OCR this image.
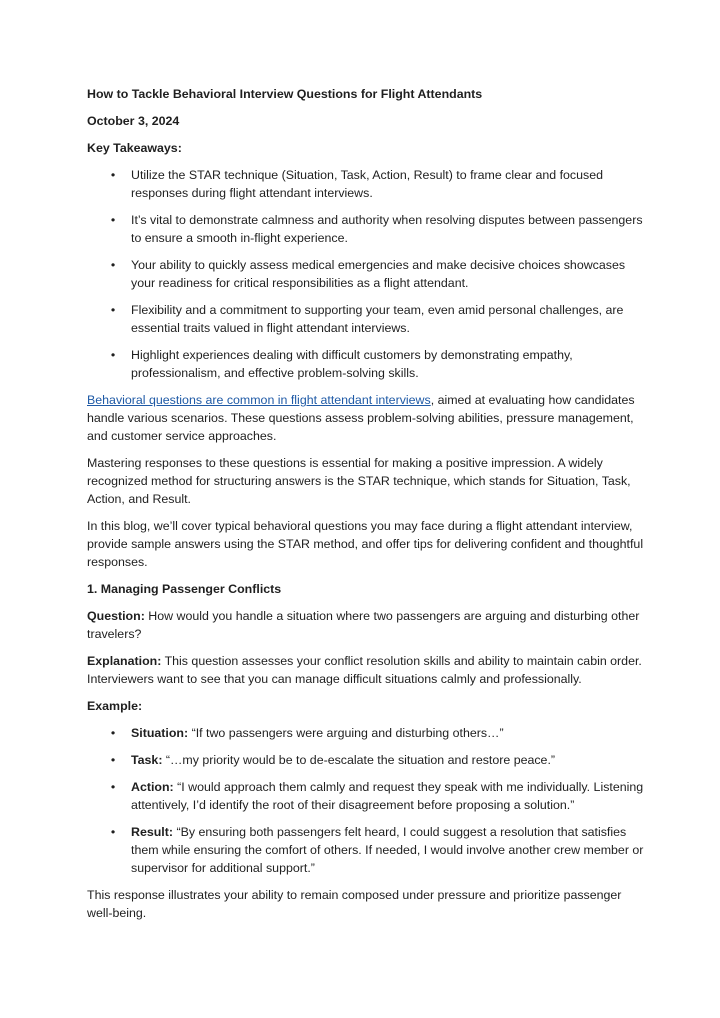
How to Tackle Behavioral Interview Questions for Flight Attendants
October 3, 2024
Key Takeaways:
• Utilize the STAR technique (Situation, Task, Action, Result) to frame clear and focused responses during flight attendant interviews.
• It’s vital to demonstrate calmness and authority when resolving disputes between passengers to ensure a smooth in-flight experience.
• Your ability to quickly assess medical emergencies and make decisive choices showcases your readiness for critical responsibilities as a flight attendant.
• Flexibility and a commitment to supporting your team, even amid personal challenges, are essential traits valued in flight attendant interviews.
• Highlight experiences dealing with difficult customers by demonstrating empathy, professionalism, and effective problem-solving skills.

Behavioral questions are common in flight attendant interviews, aimed at evaluating how candidates handle various scenarios. These questions assess problem-solving abilities, pressure management, and customer service approaches.

Mastering responses to these questions is essential for making a positive impression. A widely recognized method for structuring answers is the STAR technique, which stands for Situation, Task, Action, and Result.

In this blog, we’ll cover typical behavioral questions you may face during a flight attendant interview, provide sample answers using the STAR method, and offer tips for delivering confident and thoughtful responses.

1. Managing Passenger Conflicts

Question: How would you handle a situation where two passengers are arguing and disturbing other travelers?

Explanation: This question assesses your conflict resolution skills and ability to maintain cabin order. Interviewers want to see that you can manage difficult situations calmly and professionally.

Example:

• Situation: “If two passengers were arguing and disturbing others…”
• Task: “…my priority would be to de-escalate the situation and restore peace.”
• Action: “I would approach them calmly and request they speak with me individually. Listening attentively, I’d identify the root of their disagreement before proposing a solution.”
• Result: “By ensuring both passengers felt heard, I could suggest a resolution that satisfies them while ensuring the comfort of others. If needed, I would involve another crew member or supervisor for additional support.”

This response illustrates your ability to remain composed under pressure and prioritize passenger well-being.
